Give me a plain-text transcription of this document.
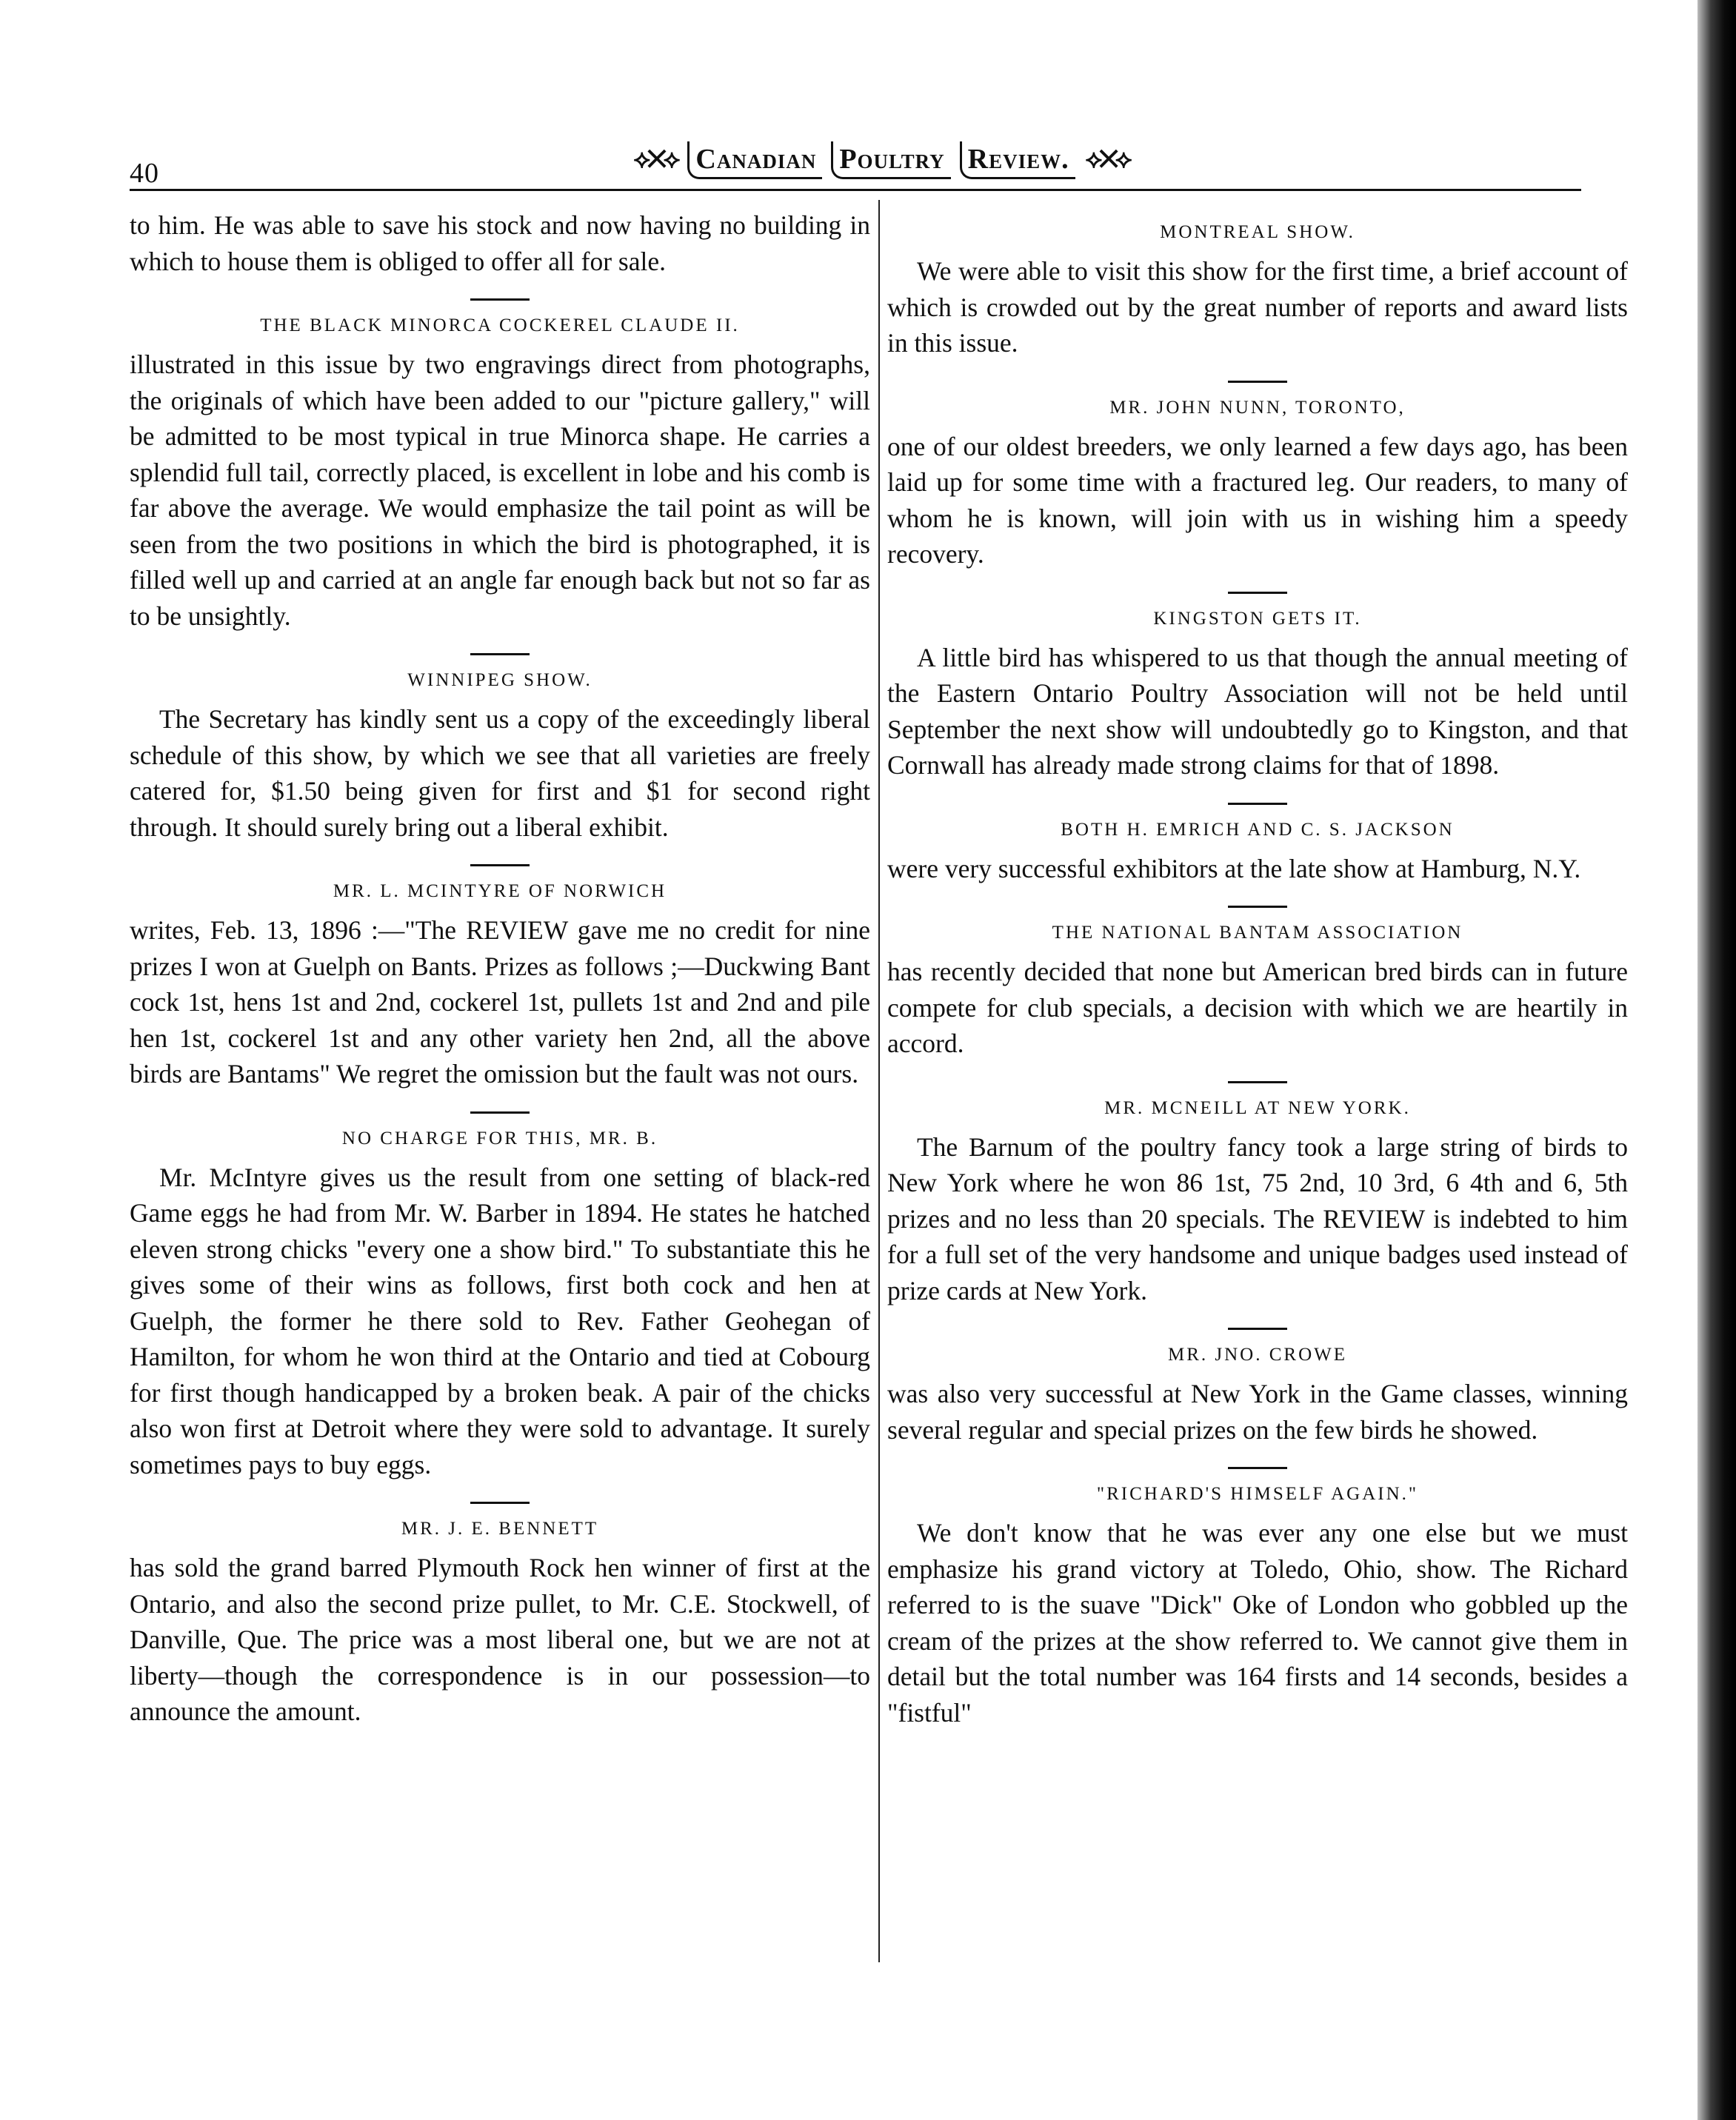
40	⟡✕⟡ Canadian Poultry Review. ⟡✕⟡

to him. He was able to save his stock and now having no building in which to house them is obliged to offer all for sale.

THE BLACK MINORCA COCKEREL CLAUDE II.

illustrated in this issue by two engravings direct from photographs, the originals of which have been added to our "picture gallery," will be admitted to be most typical in true Minorca shape. He carries a splendid full tail, correctly placed, is excellent in lobe and his comb is far above the average. We would emphasize the tail point as will be seen from the two positions in which the bird is photographed, it is filled well up and carried at an angle far enough back but not so far as to be unsightly.

WINNIPEG SHOW.

The Secretary has kindly sent us a copy of the exceedingly liberal schedule of this show, by which we see that all varieties are freely catered for, $1.50 being given for first and $1 for second right through. It should surely bring out a liberal exhibit.

MR. L. MCINTYRE OF NORWICH

writes, Feb. 13, 1896 :—"The REVIEW gave me no credit for nine prizes I won at Guelph on Bants. Prizes as follows ;—Duckwing Bant cock 1st, hens 1st and 2nd, cockerel 1st, pullets 1st and 2nd and pile hen 1st, cockerel 1st and any other variety hen 2nd, all the above birds are Bantams" We regret the omission but the fault was not ours.

NO CHARGE FOR THIS, MR. B.

Mr. McIntyre gives us the result from one setting of black-red Game eggs he had from Mr. W. Barber in 1894. He states he hatched eleven strong chicks "every one a show bird." To substantiate this he gives some of their wins as follows, first both cock and hen at Guelph, the former he there sold to Rev. Father Geohegan of Hamilton, for whom he won third at the Ontario and tied at Cobourg for first though handicapped by a broken beak. A pair of the chicks also won first at Detroit where they were sold to advantage. It surely sometimes pays to buy eggs.

MR. J. E. BENNETT

has sold the grand barred Plymouth Rock hen winner of first at the Ontario, and also the second prize pullet, to Mr. C.E. Stockwell, of Danville, Que. The price was a most liberal one, but we are not at liberty—though the correspondence is in our possession—to announce the amount.

MONTREAL SHOW.

We were able to visit this show for the first time, a brief account of which is crowded out by the great number of reports and award lists in this issue.

MR. JOHN NUNN, TORONTO,

one of our oldest breeders, we only learned a few days ago, has been laid up for some time with a fractured leg. Our readers, to many of whom he is known, will join with us in wishing him a speedy recovery.

KINGSTON GETS IT.

A little bird has whispered to us that though the annual meeting of the Eastern Ontario Poultry Association will not be held until September the next show will undoubtedly go to Kingston, and that Cornwall has already made strong claims for that of 1898.

BOTH H. EMRICH AND C. S. JACKSON

were very successful exhibitors at the late show at Hamburg, N.Y.

THE NATIONAL BANTAM ASSOCIATION

has recently decided that none but American bred birds can in future compete for club specials, a decision with which we are heartily in accord.

MR. MCNEILL AT NEW YORK.

The Barnum of the poultry fancy took a large string of birds to New York where he won 86 1st, 75 2nd, 10 3rd, 6 4th and 6, 5th prizes and no less than 20 specials. The REVIEW is indebted to him for a full set of the very handsome and unique badges used instead of prize cards at New York.

MR. JNO. CROWE

was also very successful at New York in the Game classes, winning several regular and special prizes on the few birds he showed.

"RICHARD'S HIMSELF AGAIN."

We don't know that he was ever any one else but we must emphasize his grand victory at Toledo, Ohio, show. The Richard referred to is the suave "Dick" Oke of London who gobbled up the cream of the prizes at the show referred to. We cannot give them in detail but the total number was 164 firsts and 14 seconds, besides a "fistful"
